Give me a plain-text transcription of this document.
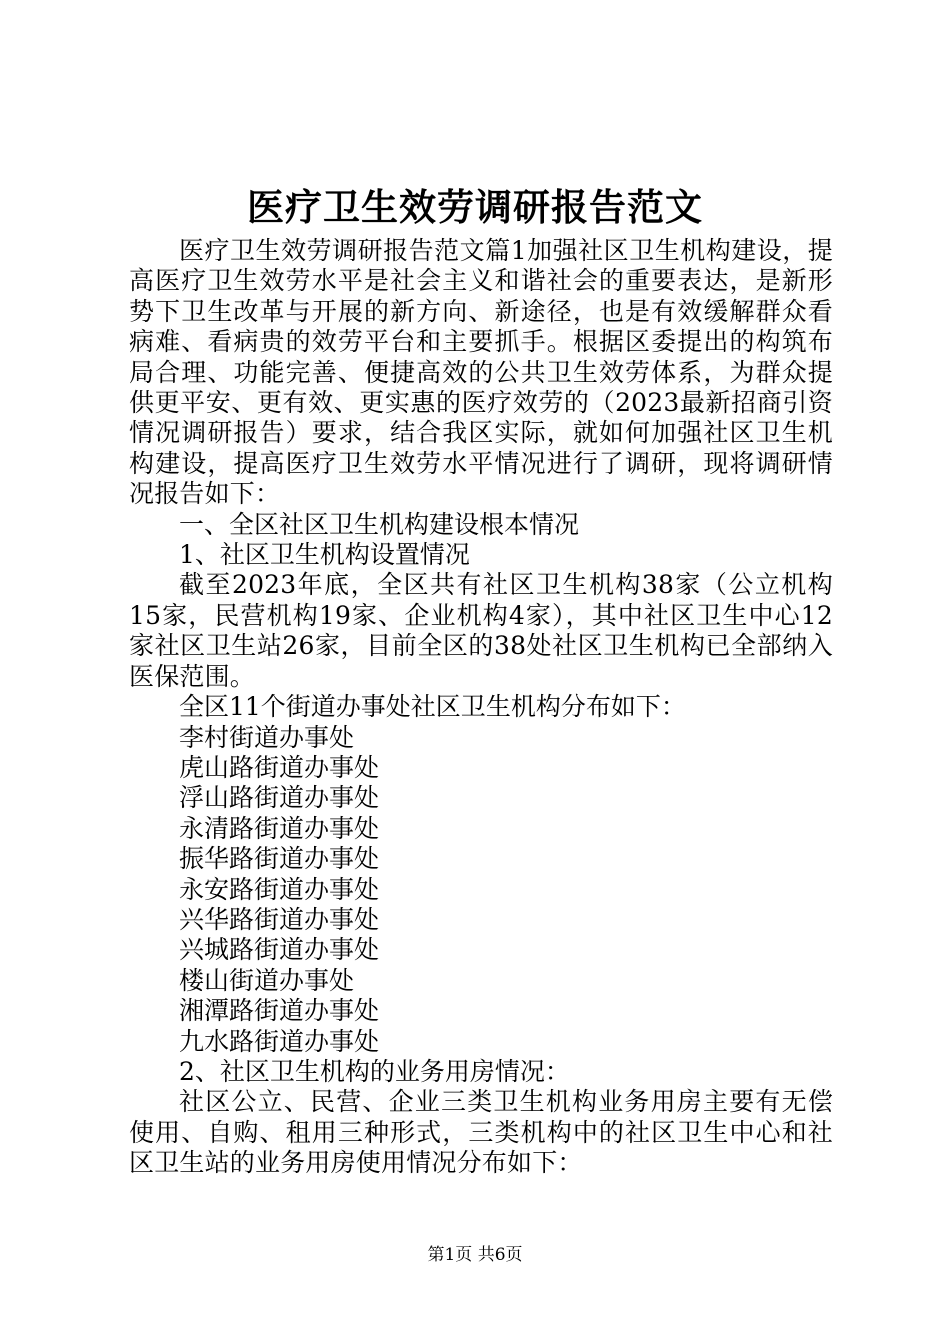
医疗卫生效劳调研报告范文

医疗卫生效劳调研报告范文篇1加强社区卫生机构建设，提高医疗卫生效劳水平是社会主义和谐社会的重要表达，是新形势下卫生改革与开展的新方向、新途径，也是有效缓解群众看病难、看病贵的效劳平台和主要抓手。根据区委提出的构筑布局合理、功能完善、便捷高效的公共卫生效劳体系，为群众提供更平安、更有效、更实惠的医疗效劳的（2023最新招商引资情况调研报告）要求，结合我区实际，就如何加强社区卫生机构建设，提高医疗卫生效劳水平情况进行了调研，现将调研情况报告如下：

一、全区社区卫生机构建设根本情况

1、社区卫生机构设置情况

截至2023年底，全区共有社区卫生机构38家（公立机构15家，民营机构19家、企业机构4家），其中社区卫生中心12家社区卫生站26家，目前全区的38处社区卫生机构已全部纳入医保范围。

全区11个街道办事处社区卫生机构分布如下：

李村街道办事处

虎山路街道办事处

浮山路街道办事处

永清路街道办事处

振华路街道办事处

永安路街道办事处

兴华路街道办事处

兴城路街道办事处

楼山街道办事处

湘潭路街道办事处

九水路街道办事处

2、社区卫生机构的业务用房情况：

社区公立、民营、企业三类卫生机构业务用房主要有无偿使用、自购、租用三种形式，三类机构中的社区卫生中心和社区卫生站的业务用房使用情况分布如下：

第1页 共6页
